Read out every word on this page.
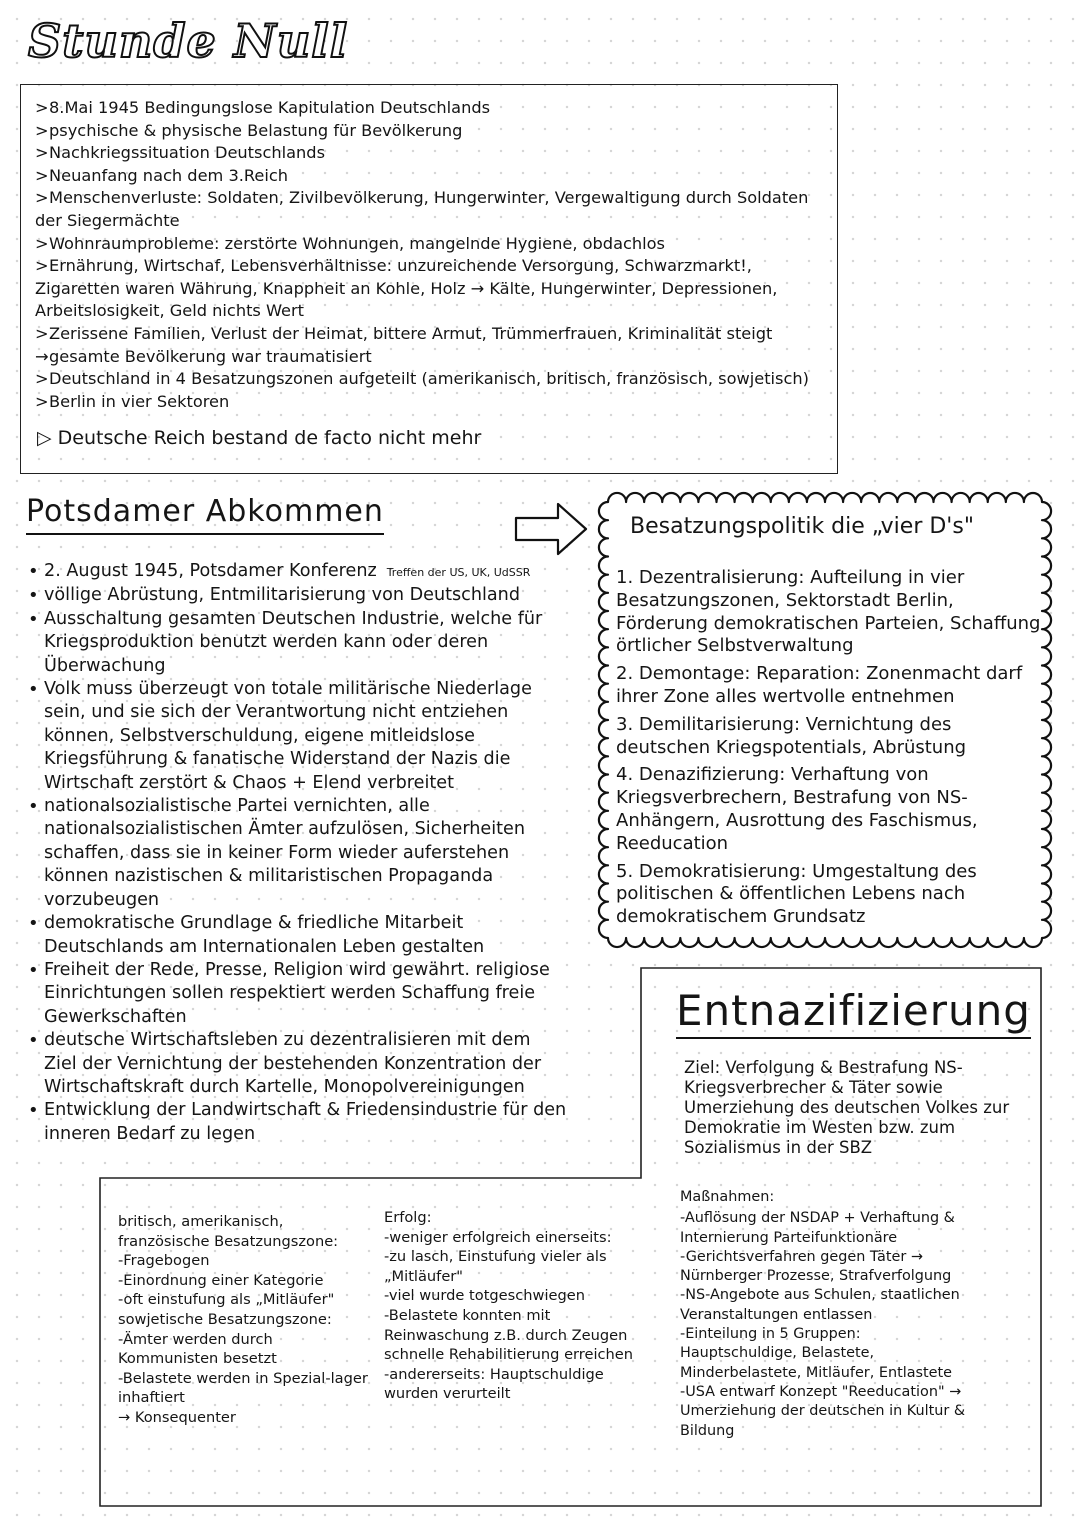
Stunde Null
>8.Mai 1945 Bedingungslose Kapitulation Deutschlands
>psychische & physische Belastung für Bevölkerung
>Nachkriegssituation Deutschlands
>Neuanfang nach dem 3.Reich
>Menschenverluste: Soldaten, Zivilbevölkerung, Hungerwinter, Vergewaltigung durch Soldaten der Siegermächte
>Wohnraumprobleme: zerstörte Wohnungen, mangelnde Hygiene, obdachlos
>Ernährung, Wirtschaf, Lebensverhältnisse: unzureichende Versorgung, Schwarzmarkt!, Zigaretten waren Währung, Knappheit an Kohle, Holz → Kälte, Hungerwinter, Depressionen, Arbeitslosigkeit, Geld nichts Wert
>Zerissene Familien, Verlust der Heimat, bittere Armut, Trümmerfrauen, Kriminalität steigt
→gesamte Bevölkerung war traumatisiert
>Deutschland in 4 Besatzungszonen aufgeteilt (amerikanisch, britisch, französisch, sowjetisch)
>Berlin in vier Sektoren
▷ Deutsche Reich bestand de facto nicht mehr
Potsdamer Abkommen
• 2. August 1945, Potsdamer Konferenz Treffen der US, UK, UdSSR
• völlige Abrüstung, Entmilitarisierung von Deutschland
• Ausschaltung gesamten Deutschen Industrie, welche für Kriegsproduktion benutzt werden kann oder deren Überwachung
• Volk muss überzeugt von totale militärische Niederlage sein, und sie sich der Verantwortung nicht entziehen können, Selbstverschuldung, eigene mitleidslose Kriegsführung & fanatische Widerstand der Nazis die Wirtschaft zerstört & Chaos + Elend verbreitet
• nationalsozialistische Partei vernichten, alle nationalsozialistischen Ämter aufzulösen, Sicherheiten schaffen, dass sie in keiner Form wieder auferstehen können nazistischen & militaristischen Propaganda vorzubeugen
• demokratische Grundlage & friedliche Mitarbeit Deutschlands am Internationalen Leben gestalten
• Freiheit der Rede, Presse, Religion wird gewährt. religiose Einrichtungen sollen respektiert werden Schaffung freie Gewerkschaften
• deutsche Wirtschaftsleben zu dezentralisieren mit dem Ziel der Vernichtung der bestehenden Konzentration der Wirtschaftskraft durch Kartelle, Monopolvereinigungen
• Entwicklung der Landwirtschaft & Friedensindustrie für den inneren Bedarf zu legen
Besatzungspolitik die „vier D's"
1. Dezentralisierung: Aufteilung in vier Besatzungszonen, Sektorstadt Berlin, Förderung demokratischen Parteien, Schaffung örtlicher Selbstverwaltung
2. Demontage: Reparation: Zonenmacht darf ihrer Zone alles wertvolle entnehmen
3. Demilitarisierung: Vernichtung des deutschen Kriegspotentials, Abrüstung
4. Denazifizierung: Verhaftung von Kriegsverbrechern, Bestrafung von NS-Anhängern, Ausrottung des Faschismus, Reeducation
5. Demokratisierung: Umgestaltung des politischen & öffentlichen Lebens nach demokratischem Grundsatz
Entnazifizierung
Ziel: Verfolgung & Bestrafung NS-Kriegsverbrecher & Täter sowie Umerziehung des deutschen Volkes zur Demokratie im Westen bzw. zum Sozialismus in der SBZ
Maßnahmen:
-Auflösung der NSDAP + Verhaftung & Internierung Parteifunktionäre
-Gerichtsverfahren gegen Täter → Nürnberger Prozesse, Strafverfolgung
-NS-Angebote aus Schulen, staatlichen Veranstaltungen entlassen
-Einteilung in 5 Gruppen: Hauptschuldige, Belastete, Minderbelastete, Mitläufer, Entlastete
-USA entwarf Konzept "Reeducation" → Umerziehung der deutschen in Kultur & Bildung
britisch, amerikanisch, französische Besatzungszone:
-Fragebogen
-Einordnung einer Kategorie
-oft einstufung als „Mitläufer"
sowjetische Besatzungszone:
-Ämter werden durch Kommunisten besetzt
-Belastete werden in Spezial-lager inhaftiert
→ Konsequenter
Erfolg:
-weniger erfolgreich einerseits:
-zu lasch, Einstufung vieler als „Mitläufer"
-viel wurde totgeschwiegen
-Belastete konnten mit Reinwaschung z.B. durch Zeugen schnelle Rehabilitierung erreichen
-andererseits: Hauptschuldige wurden verurteilt
